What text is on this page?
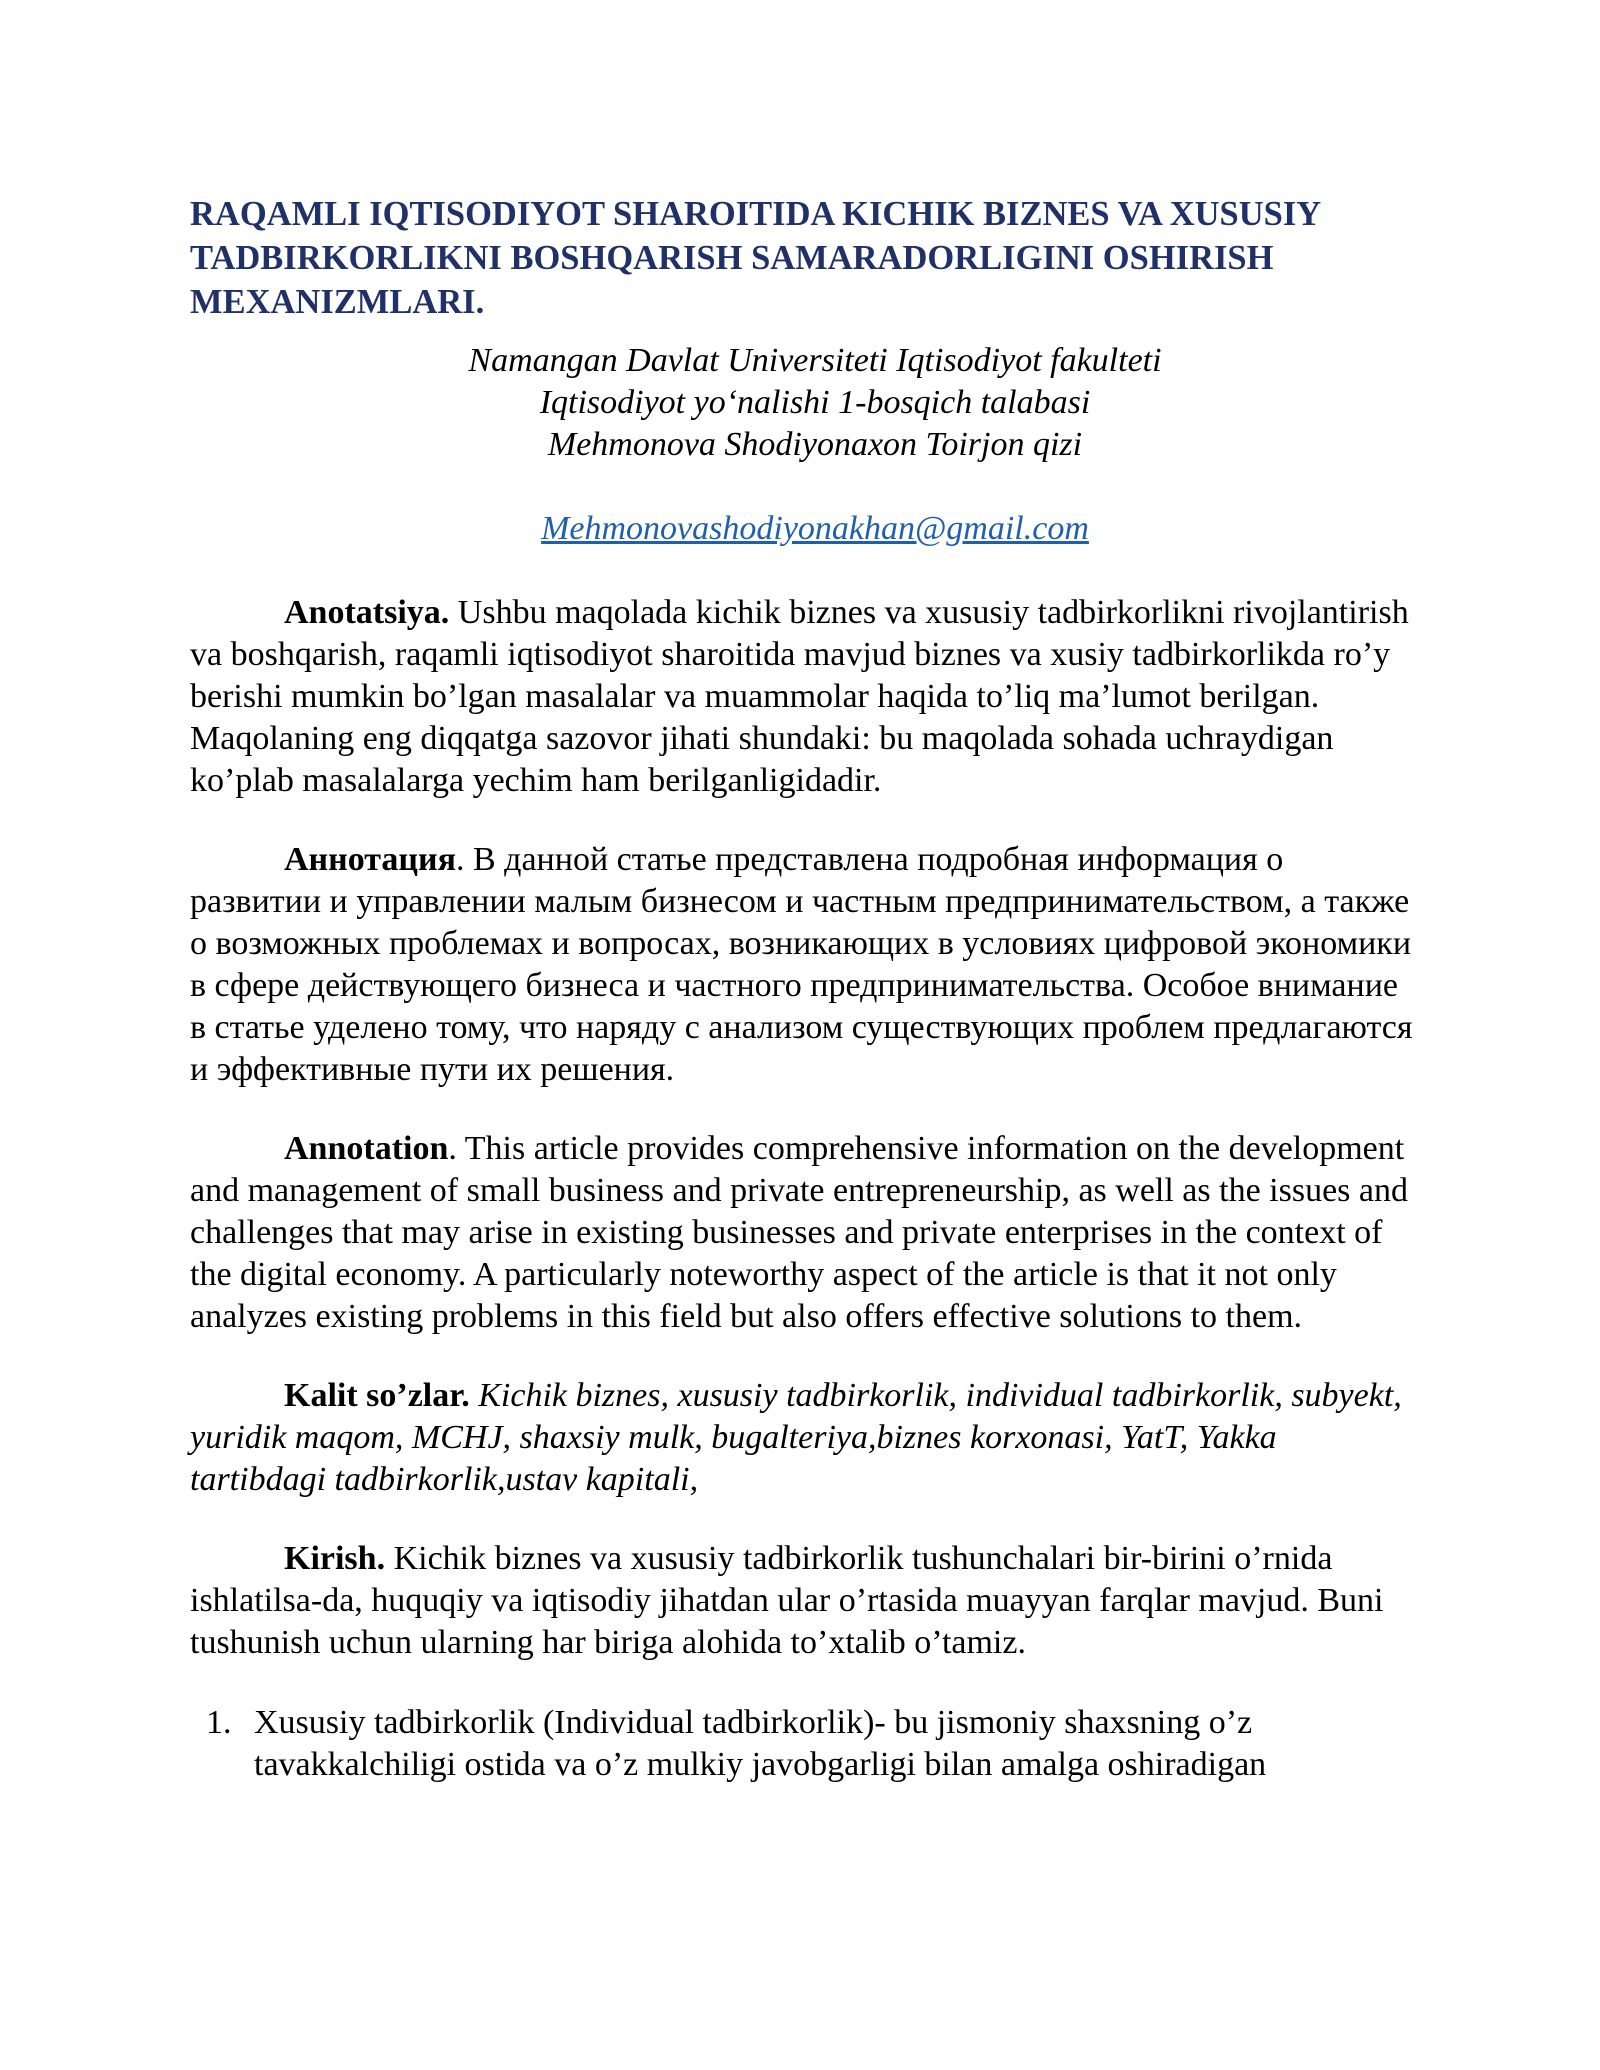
RAQAMLI IQTISODIYOT SHAROITIDA KICHIK BIZNES VA XUSUSIY TADBIRKORLIKNI BOSHQARISH SAMARADORLIGINI OSHIRISH MEXANIZMLARI.
Namangan Davlat Universiteti Iqtisodiyot fakulteti
Iqtisodiyot yo‘nalishi 1-bosqich talabasi
Mehmonova Shodiyonaxon Toirjon qizi
Mehmonovashodiyonakhan@gmail.com

Anotatsiya. Ushbu maqolada kichik biznes va xususiy tadbirkorlikni rivojlantirish va boshqarish, raqamli iqtisodiyot sharoitida mavjud biznes va xusiy tadbirkorlikda ro’y berishi mumkin bo’lgan masalalar va muammolar haqida to’liq ma’lumot berilgan. Maqolaning eng diqqatga sazovor jihati shundaki: bu maqolada sohada uchraydigan ko’plab masalalarga yechim ham berilganligidadir.

Аннотация. В данной статье представлена подробная информация о развитии и управлении малым бизнесом и частным предпринимательством, а также о возможных проблемах и вопросах, возникающих в условиях цифровой экономики в сфере действующего бизнеса и частного предпринимательства. Особое внимание в статье уделено тому, что наряду с анализом существующих проблем предлагаются и эффективные пути их решения.

Annotation. This article provides comprehensive information on the development and management of small business and private entrepreneurship, as well as the issues and challenges that may arise in existing businesses and private enterprises in the context of the digital economy. A particularly noteworthy aspect of the article is that it not only analyzes existing problems in this field but also offers effective solutions to them.

Kalit so’zlar. Kichik biznes, xususiy tadbirkorlik, individual tadbirkorlik, subyekt, yuridik maqom, MCHJ, shaxsiy mulk, bugalteriya,biznes korxonasi, YatT, Yakka tartibdagi tadbirkorlik,ustav kapitali,

Kirish. Kichik biznes va xususiy tadbirkorlik tushunchalari bir-birini o’rnida ishlatilsa-da, huquqiy va iqtisodiy jihatdan ular o’rtasida muayyan farqlar mavjud. Buni tushunish uchun ularning har biriga alohida to’xtalib o’tamiz.

1. Xususiy tadbirkorlik (Individual tadbirkorlik)- bu jismoniy shaxsning o’z tavakkalchiligi ostida va o’z mulkiy javobgarligi bilan amalga oshiradigan
